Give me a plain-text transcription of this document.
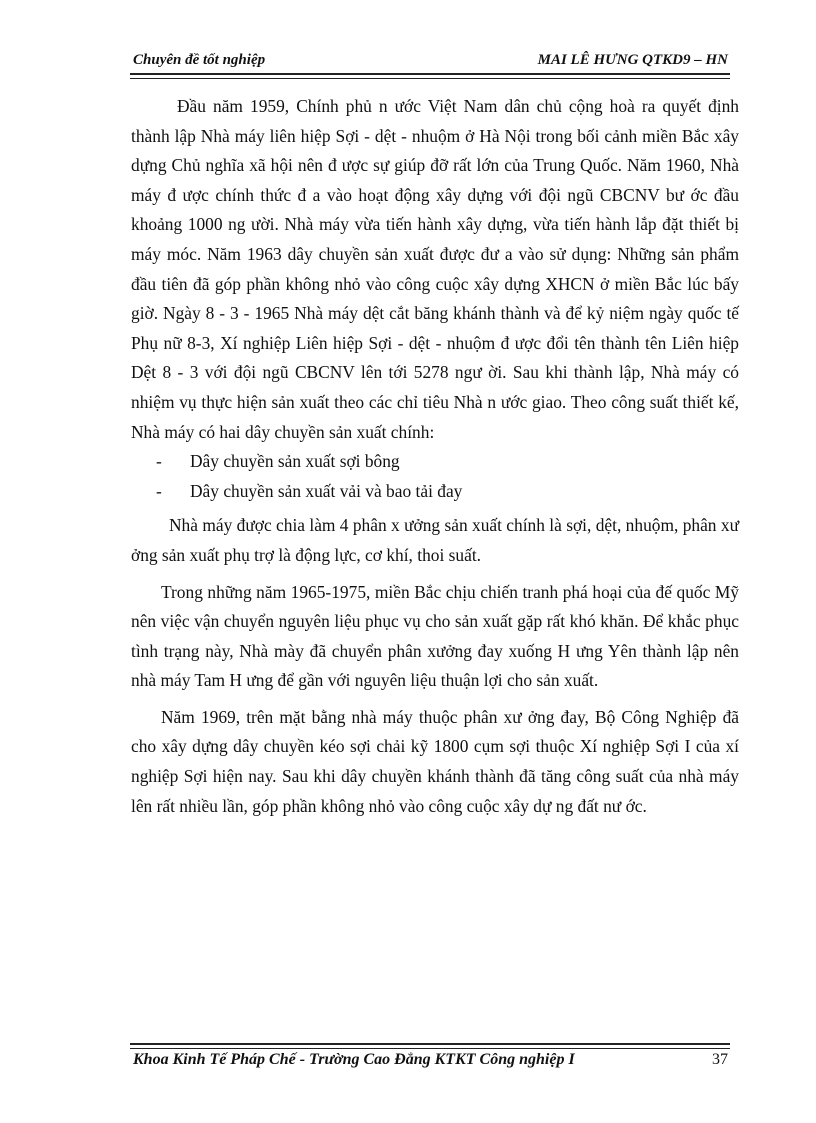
Chuyên đề tốt nghiệp	MAI LÊ HƯNG QTKD9 – HN

Đầu năm 1959, Chính phủ n ước Việt Nam dân chủ cộng hoà ra quyết định thành lập Nhà máy liên hiệp Sợi - dệt - nhuộm ở Hà Nội trong bối cảnh miền Bắc xây dựng Chủ nghĩa xã hội nên đ ược sự giúp đỡ rất lớn của Trung Quốc. Năm 1960, Nhà máy đ ược chính thức đ a vào hoạt động xây dựng với đội ngũ CBCNV bư ớc đầu khoảng 1000 ng ười. Nhà máy vừa tiến hành xây dựng, vừa tiến hành lắp đặt thiết bị máy móc. Năm 1963 dây chuyền sản xuất được đư a vào sử dụng: Những sản phẩm đầu tiên đã góp phần không nhỏ vào công cuộc xây dựng XHCN ở miền Bắc lúc bấy giờ. Ngày 8 - 3 - 1965 Nhà máy dệt cắt băng khánh thành và để kỷ niệm ngày quốc tế Phụ nữ 8-3, Xí nghiệp Liên hiệp Sợi - dệt - nhuộm đ ược đổi tên thành tên Liên hiệp Dệt 8 - 3 với đội ngũ CBCNV lên tới 5278 ngư ời. Sau khi thành lập, Nhà máy có nhiệm vụ thực hiện sản xuất theo các chỉ tiêu Nhà n ước giao. Theo công suất thiết kế, Nhà máy có hai dây chuyền sản xuất chính:

-	Dây chuyền sản xuất sợi bông
-	Dây chuyền sản xuất vải và bao tải đay

Nhà máy được chia làm 4 phân x ưởng sản xuất chính là sợi, dệt, nhuộm, phân xư ởng sản xuất phụ trợ là động lực, cơ khí, thoi suất.

Trong những năm 1965-1975, miền Bắc chịu chiến tranh phá hoại của đế quốc Mỹ nên việc vận chuyển nguyên liệu phục vụ cho sản xuất gặp rất khó khăn. Để khắc phục tình trạng này, Nhà mày đã chuyển phân xưởng đay xuống H ưng Yên thành lập nên nhà máy Tam H ưng để gần với nguyên liệu thuận lợi cho sản xuất.

Năm 1969, trên mặt bằng nhà máy thuộc phân xư ởng đay, Bộ Công Nghiệp đã cho xây dựng dây chuyền kéo sợi chải kỹ 1800 cụm sợi thuộc Xí nghiệp Sợi I của xí nghiệp Sợi hiện nay. Sau khi dây chuyền khánh thành đã tăng công suất của nhà máy lên rất nhiều lần, góp phần không nhỏ vào công cuộc xây dự ng đất nư ớc.

Khoa Kinh Tế Pháp Chế - Trường Cao Đẳng KTKT Công nghiệp I	37
